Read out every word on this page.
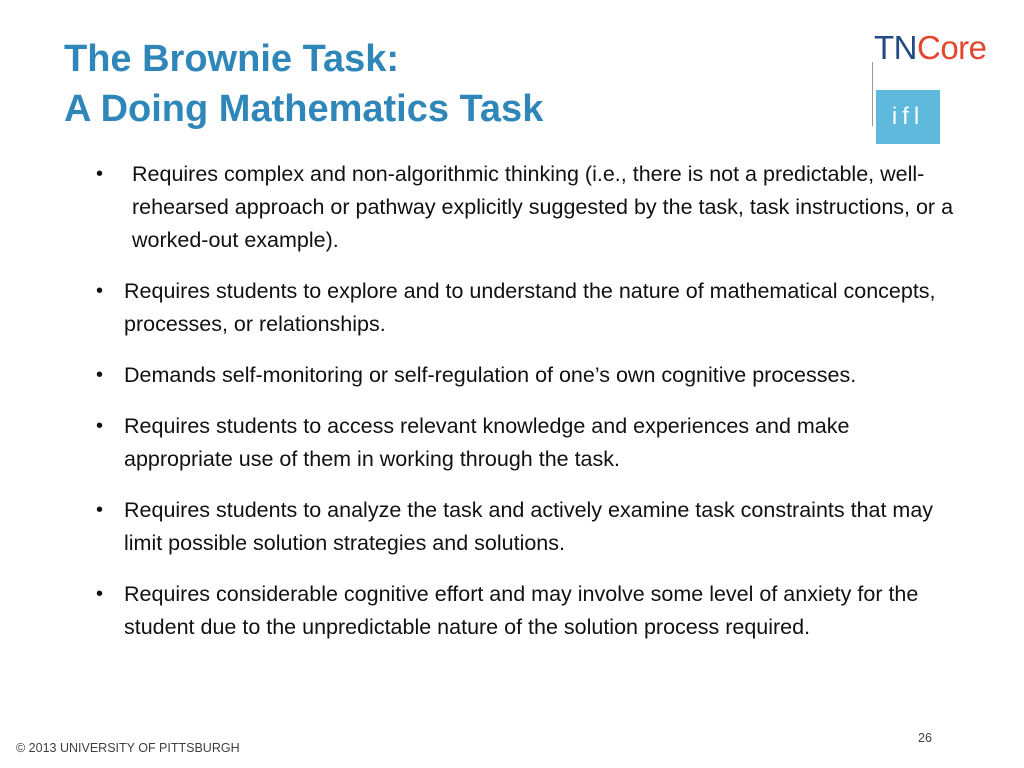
The Brownie Task:
A Doing Mathematics Task
TNCore
ifl
•	Requires complex and non-algorithmic thinking (i.e., there is not a predictable, well-rehearsed approach or pathway explicitly suggested by the task, task instructions, or a worked-out example).
• Requires students to explore and to understand the nature of mathematical concepts, processes, or relationships.
• Demands self-monitoring or self-regulation of one’s own cognitive processes.
• Requires students to access relevant knowledge and experiences and make appropriate use of them in working through the task.
• Requires students to analyze the task and actively examine task constraints that may limit possible solution strategies and solutions.
• Requires considerable cognitive effort and may involve some level of anxiety for the student due to the unpredictable nature of the solution process required.
© 2013 UNIVERSITY OF PITTSBURGH
26
